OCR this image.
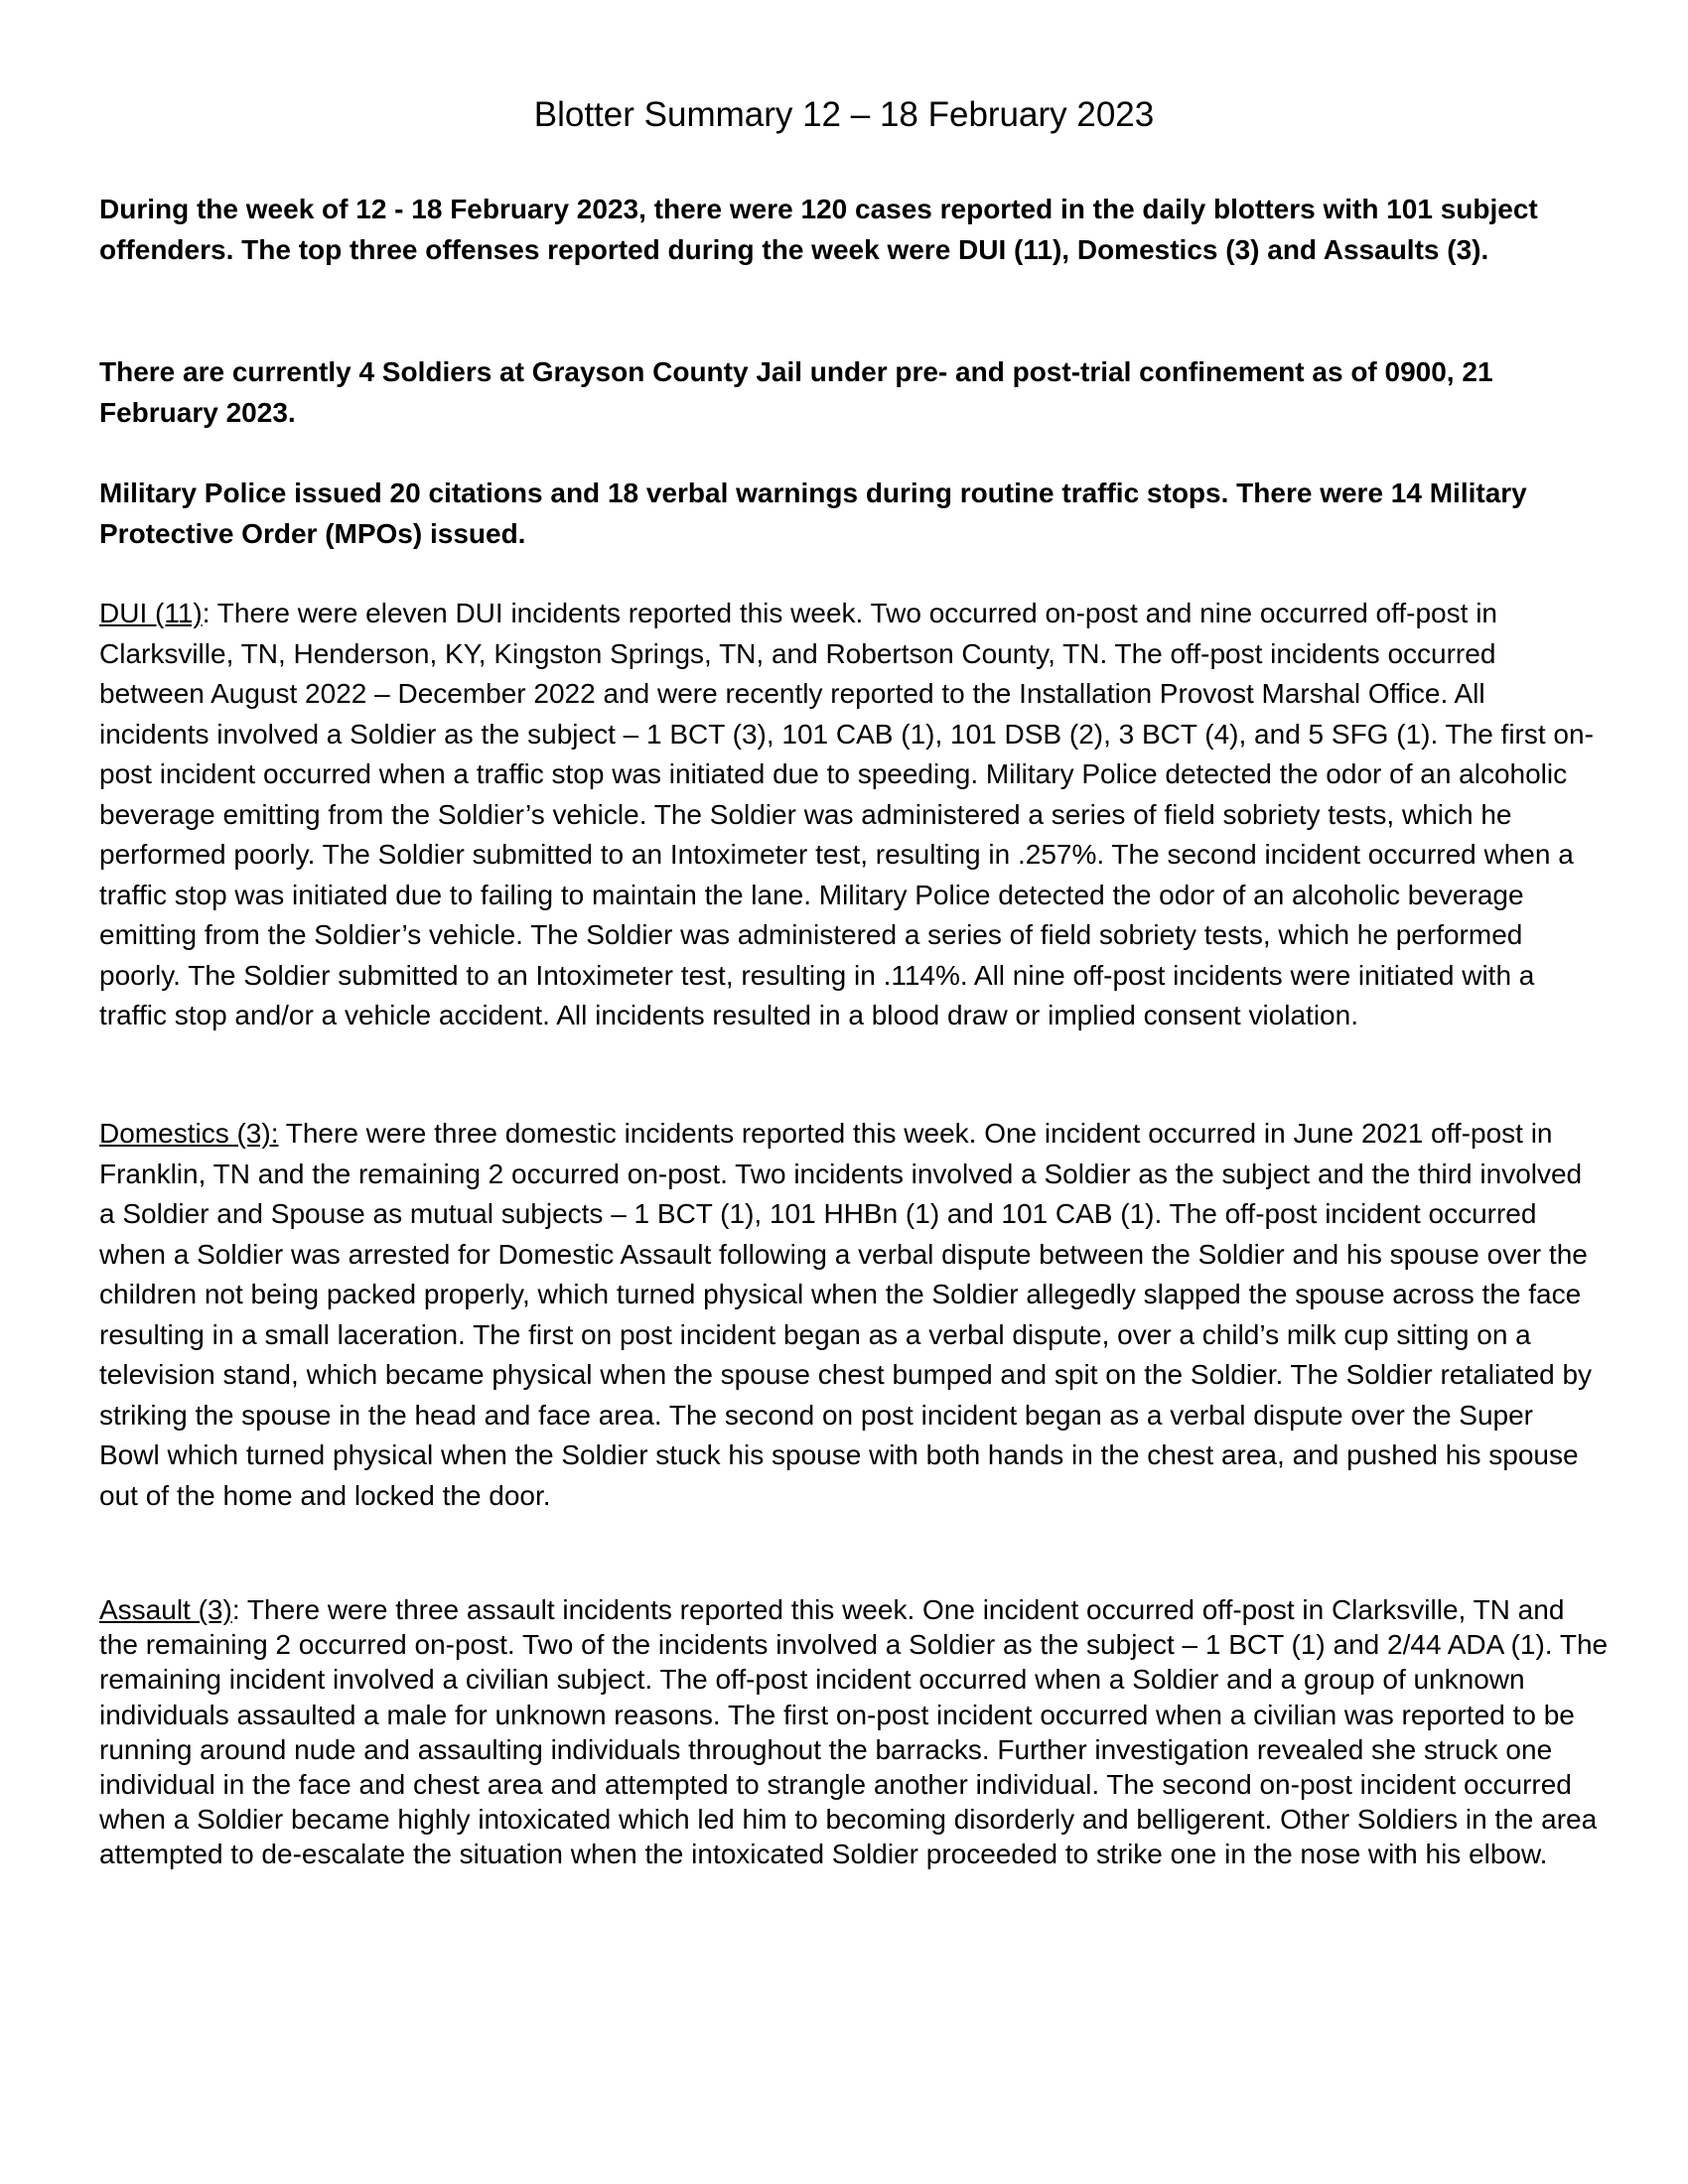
Blotter Summary 12 – 18 February 2023

During the week of 12 - 18 February 2023, there were 120 cases reported in the daily blotters with 101 subject offenders. The top three offenses reported during the week were DUI (11), Domestics (3) and Assaults (3).

There are currently 4 Soldiers at Grayson County Jail under pre- and post-trial confinement as of 0900, 21 February 2023.

Military Police issued 20 citations and 18 verbal warnings during routine traffic stops. There were 14 Military Protective Order (MPOs) issued.

DUI (11): There were eleven DUI incidents reported this week. Two occurred on-post and nine occurred off-post in Clarksville, TN, Henderson, KY, Kingston Springs, TN, and Robertson County, TN. The off-post incidents occurred between August 2022 – December 2022 and were recently reported to the Installation Provost Marshal Office. All incidents involved a Soldier as the subject – 1 BCT (3), 101 CAB (1), 101 DSB (2), 3 BCT (4), and 5 SFG (1). The first on-post incident occurred when a traffic stop was initiated due to speeding. Military Police detected the odor of an alcoholic beverage emitting from the Soldier’s vehicle. The Soldier was administered a series of field sobriety tests, which he performed poorly. The Soldier submitted to an Intoximeter test, resulting in .257%. The second incident occurred when a traffic stop was initiated due to failing to maintain the lane. Military Police detected the odor of an alcoholic beverage emitting from the Soldier’s vehicle. The Soldier was administered a series of field sobriety tests, which he performed poorly. The Soldier submitted to an Intoximeter test, resulting in .114%. All nine off-post incidents were initiated with a traffic stop and/or a vehicle accident. All incidents resulted in a blood draw or implied consent violation.

Domestics (3): There were three domestic incidents reported this week. One incident occurred in June 2021 off-post in Franklin, TN and the remaining 2 occurred on-post. Two incidents involved a Soldier as the subject and the third involved a Soldier and Spouse as mutual subjects – 1 BCT (1), 101 HHBn (1) and 101 CAB (1). The off-post incident occurred when a Soldier was arrested for Domestic Assault following a verbal dispute between the Soldier and his spouse over the children not being packed properly, which turned physical when the Soldier allegedly slapped the spouse across the face resulting in a small laceration. The first on post incident began as a verbal dispute, over a child’s milk cup sitting on a television stand, which became physical when the spouse chest bumped and spit on the Soldier. The Soldier retaliated by striking the spouse in the head and face area. The second on post incident began as a verbal dispute over the Super Bowl which turned physical when the Soldier stuck his spouse with both hands in the chest area, and pushed his spouse out of the home and locked the door.

Assault (3): There were three assault incidents reported this week. One incident occurred off-post in Clarksville, TN and the remaining 2 occurred on-post. Two of the incidents involved a Soldier as the subject – 1 BCT (1) and 2/44 ADA (1). The remaining incident involved a civilian subject. The off-post incident occurred when a Soldier and a group of unknown individuals assaulted a male for unknown reasons. The first on-post incident occurred when a civilian was reported to be running around nude and assaulting individuals throughout the barracks. Further investigation revealed she struck one individual in the face and chest area and attempted to strangle another individual. The second on-post incident occurred when a Soldier became highly intoxicated which led him to becoming disorderly and belligerent. Other Soldiers in the area attempted to de-escalate the situation when the intoxicated Soldier proceeded to strike one in the nose with his elbow.
